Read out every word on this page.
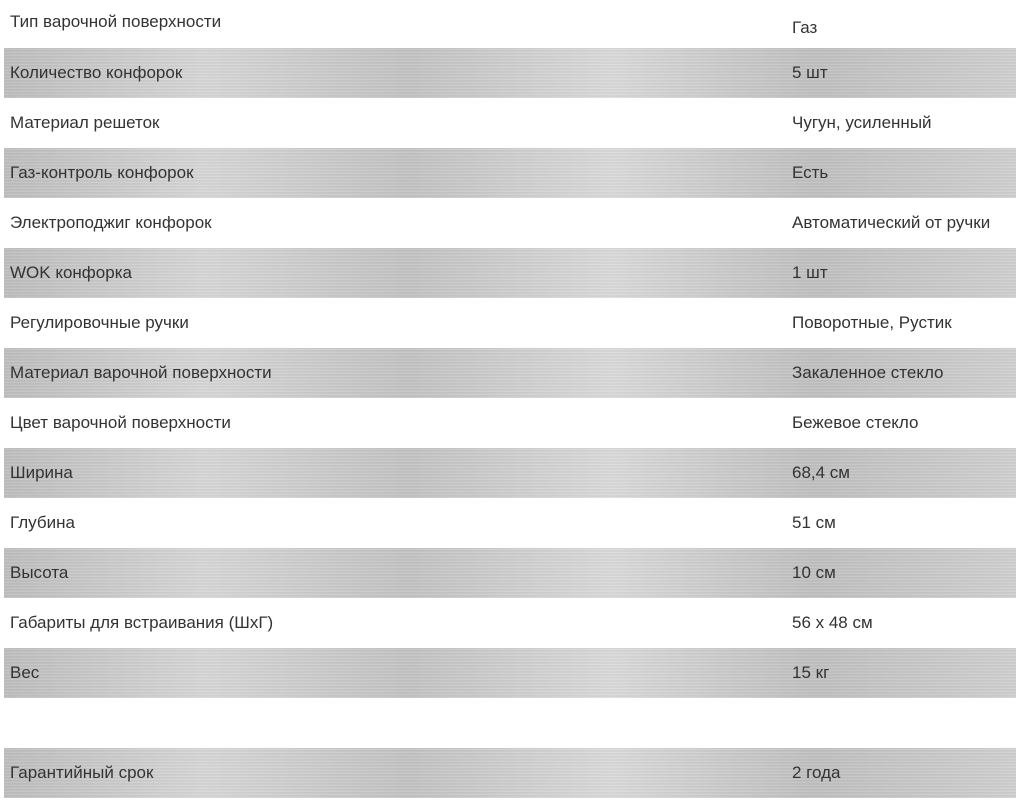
Тип варочной поверхности	Газ
Количество конфорок	5 шт
Материал решеток	Чугун, усиленный
Газ-контроль конфорок	Есть
Электроподжиг конфорок	Автоматический от ручки
WOK конфорка	1 шт
Регулировочные ручки	Поворотные, Рустик
Материал варочной поверхности	Закаленное стекло
Цвет варочной поверхности	Бежевое стекло
Ширина	68,4 см
Глубина	51 см
Высота	10 см
Габариты для встраивания (ШхГ)	56 х 48 см
Вес	15 кг
Гарантийный срок	2 года
